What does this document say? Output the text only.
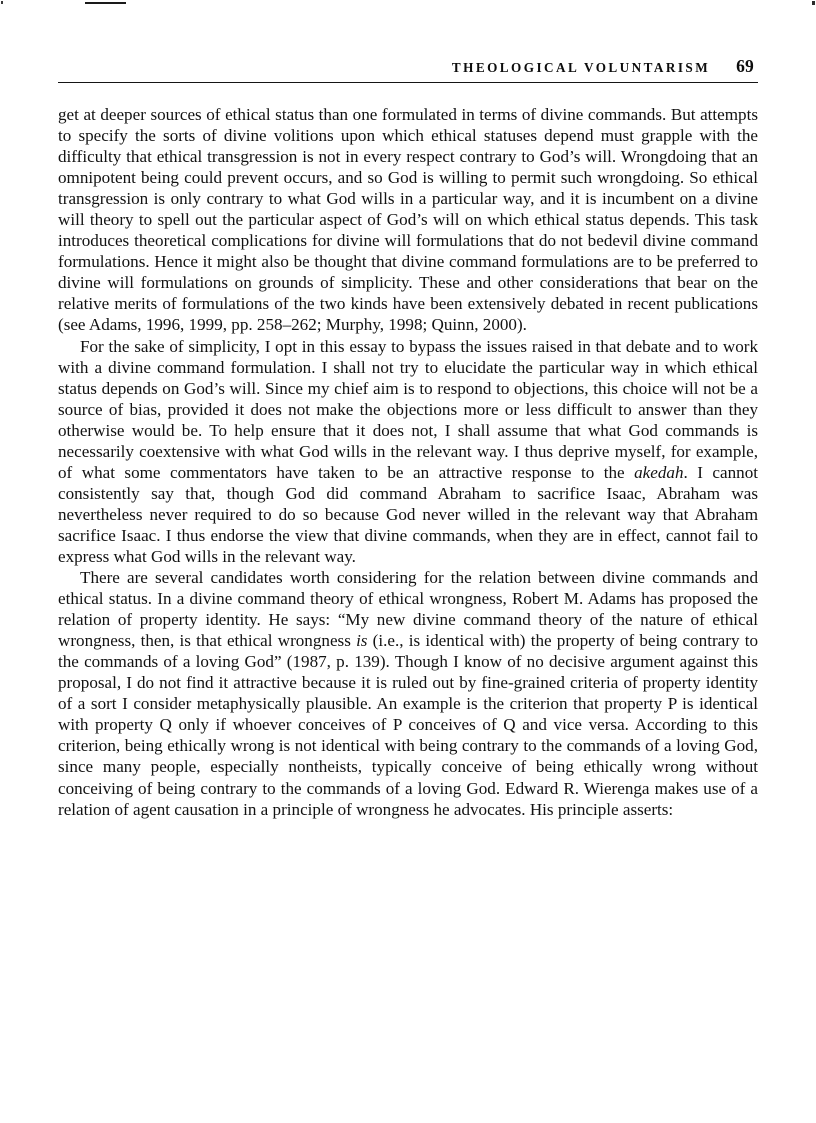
THEOLOGICAL VOLUNTARISM 69

get at deeper sources of ethical status than one formulated in terms of divine commands. But attempts to specify the sorts of divine volitions upon which ethical statuses depend must grapple with the difficulty that ethical transgression is not in every respect contrary to God’s will. Wrongdoing that an omnipotent being could prevent occurs, and so God is willing to permit such wrongdoing. So ethical transgression is only contrary to what God wills in a particular way, and it is incumbent on a divine will theory to spell out the particular aspect of God’s will on which ethical status depends. This task introduces theoretical complications for divine will formulations that do not bedevil divine command formulations. Hence it might also be thought that divine command formulations are to be preferred to divine will formulations on grounds of simplicity. These and other considerations that bear on the relative merits of formulations of the two kinds have been extensively debated in recent publications (see Adams, 1996, 1999, pp. 258–262; Murphy, 1998; Quinn, 2000).

For the sake of simplicity, I opt in this essay to bypass the issues raised in that debate and to work with a divine command formulation. I shall not try to elucidate the particular way in which ethical status depends on God’s will. Since my chief aim is to respond to objections, this choice will not be a source of bias, provided it does not make the objections more or less difficult to answer than they otherwise would be. To help ensure that it does not, I shall assume that what God commands is necessarily coextensive with what God wills in the relevant way. I thus deprive myself, for example, of what some commentators have taken to be an attractive response to the akedah. I cannot consistently say that, though God did command Abraham to sacrifice Isaac, Abraham was nevertheless never required to do so because God never willed in the relevant way that Abraham sacrifice Isaac. I thus endorse the view that divine commands, when they are in effect, cannot fail to express what God wills in the relevant way.

There are several candidates worth considering for the relation between divine commands and ethical status. In a divine command theory of ethical wrongness, Robert M. Adams has proposed the relation of property identity. He says: “My new divine command theory of the nature of ethical wrongness, then, is that ethical wrongness is (i.e., is identical with) the property of being contrary to the commands of a loving God” (1987, p. 139). Though I know of no decisive argument against this proposal, I do not find it attractive because it is ruled out by fine-grained criteria of property identity of a sort I consider metaphysically plausible. An example is the criterion that property P is identical with property Q only if whoever conceives of P conceives of Q and vice versa. According to this criterion, being ethically wrong is not identical with being contrary to the commands of a loving God, since many people, especially nontheists, typically conceive of being ethically wrong without conceiving of being contrary to the commands of a loving God. Edward R. Wierenga makes use of a relation of agent causation in a principle of wrongness he advocates. His principle asserts:
